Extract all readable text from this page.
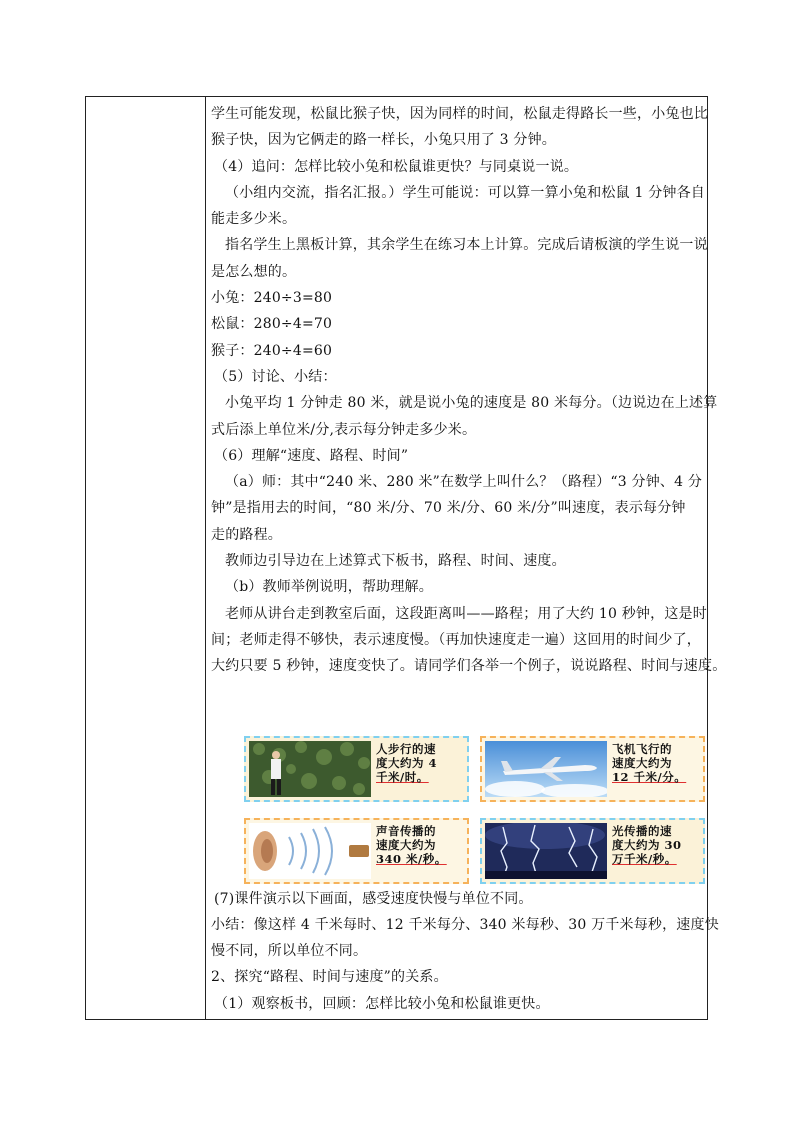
学生可能发现，松鼠比猴子快，因为同样的时间，松鼠走得路长一些，小兔也比
猴子快，因为它俩走的路一样长，小兔只用了 3 分钟。
（4）追问：怎样比较小兔和松鼠谁更快？与同桌说一说。
（小组内交流，指名汇报。）学生可能说：可以算一算小兔和松鼠 1 分钟各自
能走多少米。
指名学生上黑板计算，其余学生在练习本上计算。完成后请板演的学生说一说
是怎么想的。
小兔：240÷3=80
松鼠：280÷4=70
猴子：240÷4=60
（5）讨论、小结：
小兔平均 1 分钟走 80 米，就是说小兔的速度是 80 米每分。（边说边在上述算
式后添上单位米/分,表示每分钟走多少米。
（6）理解“速度、路程、时间”
（a）师：其中“240 米、280 米”在数学上叫什么？（路程）“3 分钟、4 分
钟”是指用去的时间，“80 米/分、70 米/分、60 米/分”叫速度，表示每分钟
走的路程。
教师边引导边在上述算式下板书，路程、时间、速度。
（b）教师举例说明，帮助理解。
老师从讲台走到教室后面，这段距离叫——路程；用了大约 10 秒钟，这是时
间；老师走得不够快，表示速度慢。（再加快速度走一遍）这回用的时间少了，
大约只要 5 秒钟，速度变快了。请同学们各举一个例子，说说路程、时间与速度。
人步行的速
度大约为 4
千米/时。
飞机飞行的
速度大约为
12 千米/分。
声音传播的
速度大约为
340 米/秒。
光传播的速
度大约为 30
万千米/秒。
(7)课件演示以下画面，感受速度快慢与单位不同。
小结：像这样 4 千米每时、12 千米每分、340 米每秒、30 万千米每秒，速度快
慢不同，所以单位不同。
2、探究“路程、时间与速度”的关系。
（1）观察板书，回顾：怎样比较小兔和松鼠谁更快。
